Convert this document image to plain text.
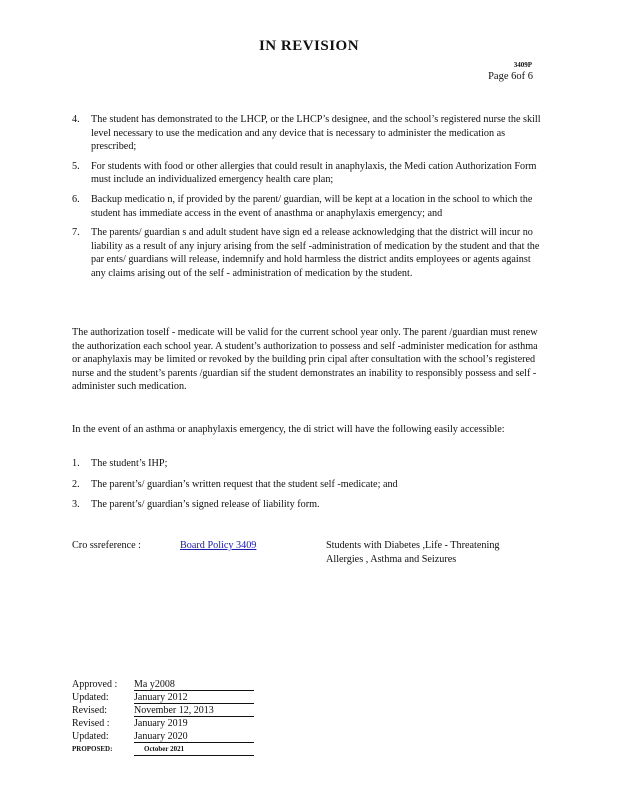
IN REVISION
3409P
Page 6of 6
4. The student has demonstrated to the LHCP, or the LHCP’s designee, and the school’s registered nurse the skill level necessary to use the medication and any device that is necessary to administer the medication as prescribed;
5. For students with food or other allergies that could result in anaphylaxis, the Medi cation Authorization Form must include an individualized emergency health care plan;
6. Backup medicatio n, if provided by the parent/ guardian, will be kept at a location in the school to which the student has immediate access in the event of anasthma or anaphylaxis emergency; and
7. The parents/ guardian s and adult student have sign ed a release acknowledging that the district will incur no liability as a result of any injury arising from the self -administration of medication by the student and that the par ents/ guardians will release, indemnify and hold harmless the district andits employees or agents against any claims arising out of the self - administration of medication by the student.

The authorization toself - medicate will be valid for the current school year only. The parent /guardian must renew the authorization each school year. A student’s authorization to possess and self -administer medication for asthma or anaphylaxis may be limited or revoked by the building prin cipal after consultation with the school’s registered nurse and the student’s parents /guardian sif the student demonstrates an inability to responsibly possess and self - administer such medication.

In the event of an asthma or anaphylaxis emergency, the di strict will have the following easily accessible:

1. The student’s IHP;
2. The parent’s/ guardian’s written request that the student self -medicate; and
3. The parent’s/ guardian’s signed release of liability form.
Cro ssreference :	Board Policy 3409	Students with Diabetes ,Life - Threatening
Allergies , Asthma and Seizures
Approved : Ma y2008
Updated:	January 2012
Revised:	November 12, 2013
Revised : January 2019
Updated:	January 2020
PROPOSED:	October 2021
